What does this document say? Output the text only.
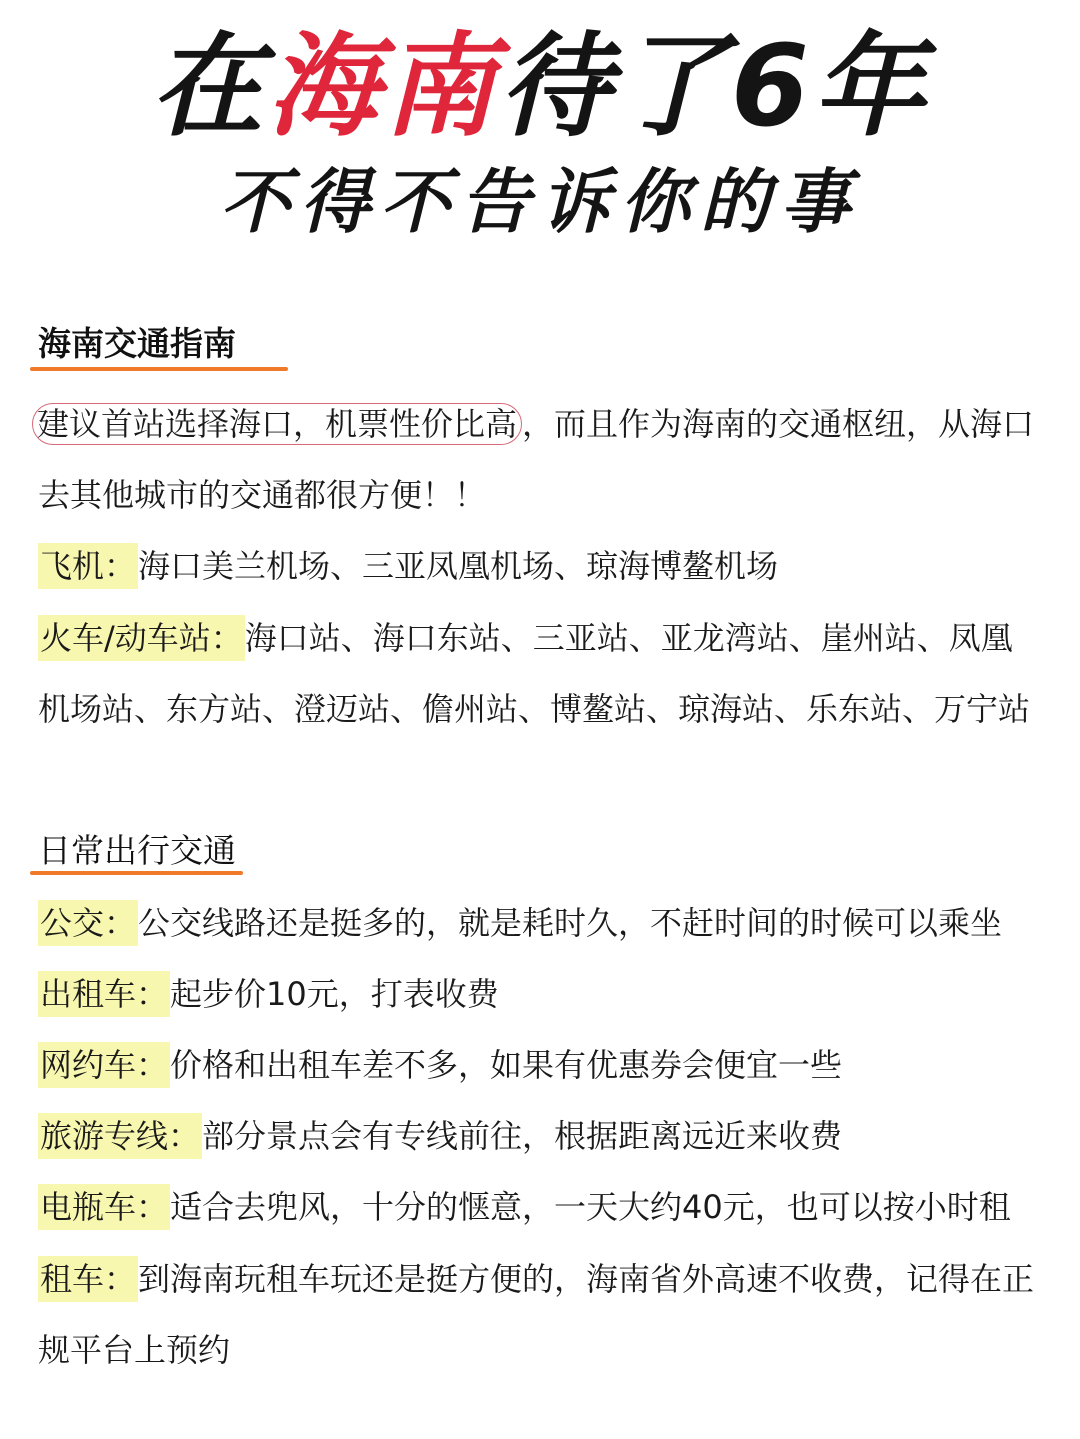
在海南待了6年
不得不告诉你的事
海南交通指南
建议首站选择海口，机票性价比高 ，而且作为海南的交通枢纽，从海口
去其他城市的交通都很方便！！
飞机：海口美兰机场、三亚凤凰机场、琼海博鳌机场
火车/动车站：海口站、海口东站、三亚站、亚龙湾站、崖州站、凤凰
机场站、东方站、澄迈站、儋州站、博鳌站、琼海站、乐东站、万宁站
日常出行交通
公交：公交线路还是挺多的，就是耗时久，不赶时间的时候可以乘坐
出租车：起步价10元，打表收费
网约车：价格和出租车差不多，如果有优惠券会便宜一些
旅游专线：部分景点会有专线前往，根据距离远近来收费
电瓶车：适合去兜风，十分的惬意，一天大约40元，也可以按小时租
租车：到海南玩租车玩还是挺方便的，海南省外高速不收费，记得在正
规平台上预约
